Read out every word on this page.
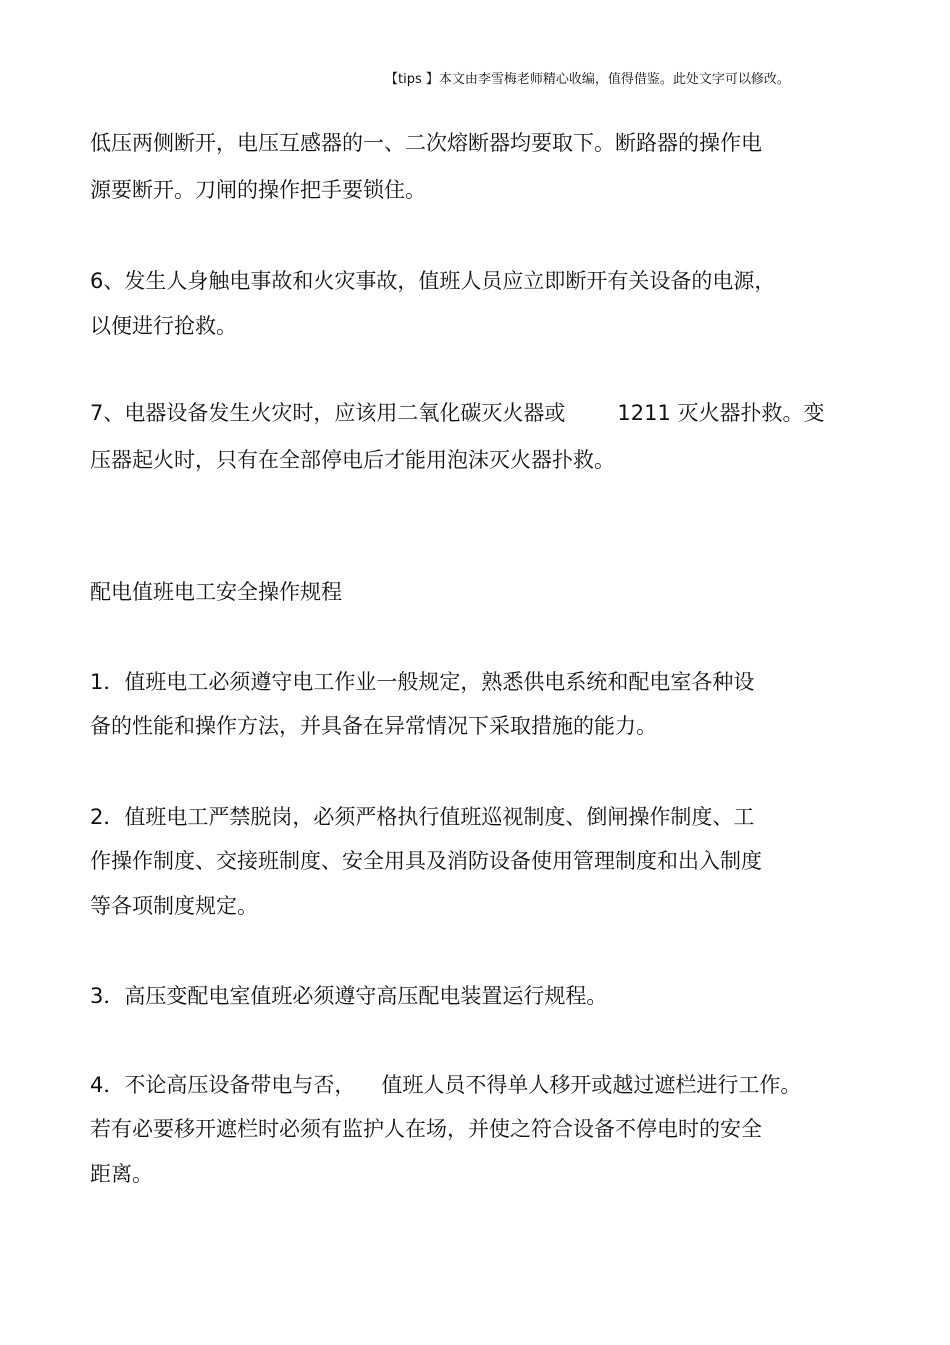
【tips 】本文由李雪梅老师精心收编，值得借鉴。此处文字可以修改。
低压两侧断开，电压互感器的一、二次熔断器均要取下。断路器的操作电
源要断开。刀闸的操作把手要锁住。
6、发生人身触电事故和火灾事故，值班人员应立即断开有关设备的电源，
以便进行抢救。
7、电器设备发生火灾时，应该用二氧化碳灭火器或 1211 灭火器扑救。变
压器起火时，只有在全部停电后才能用泡沫灭火器扑救。
配电值班电工安全操作规程
1．值班电工必须遵守电工作业一般规定，熟悉供电系统和配电室各种设
备的性能和操作方法，并具备在异常情况下采取措施的能力。
2．值班电工严禁脱岗，必须严格执行值班巡视制度、倒闸操作制度、工
作操作制度、交接班制度、安全用具及消防设备使用管理制度和出入制度
等各项制度规定。
3．高压变配电室值班必须遵守高压配电装置运行规程。
4．不论高压设备带电与否， 值班人员不得单人移开或越过遮栏进行工作。
若有必要移开遮栏时必须有监护人在场，并使之符合设备不停电时的安全
距离。
